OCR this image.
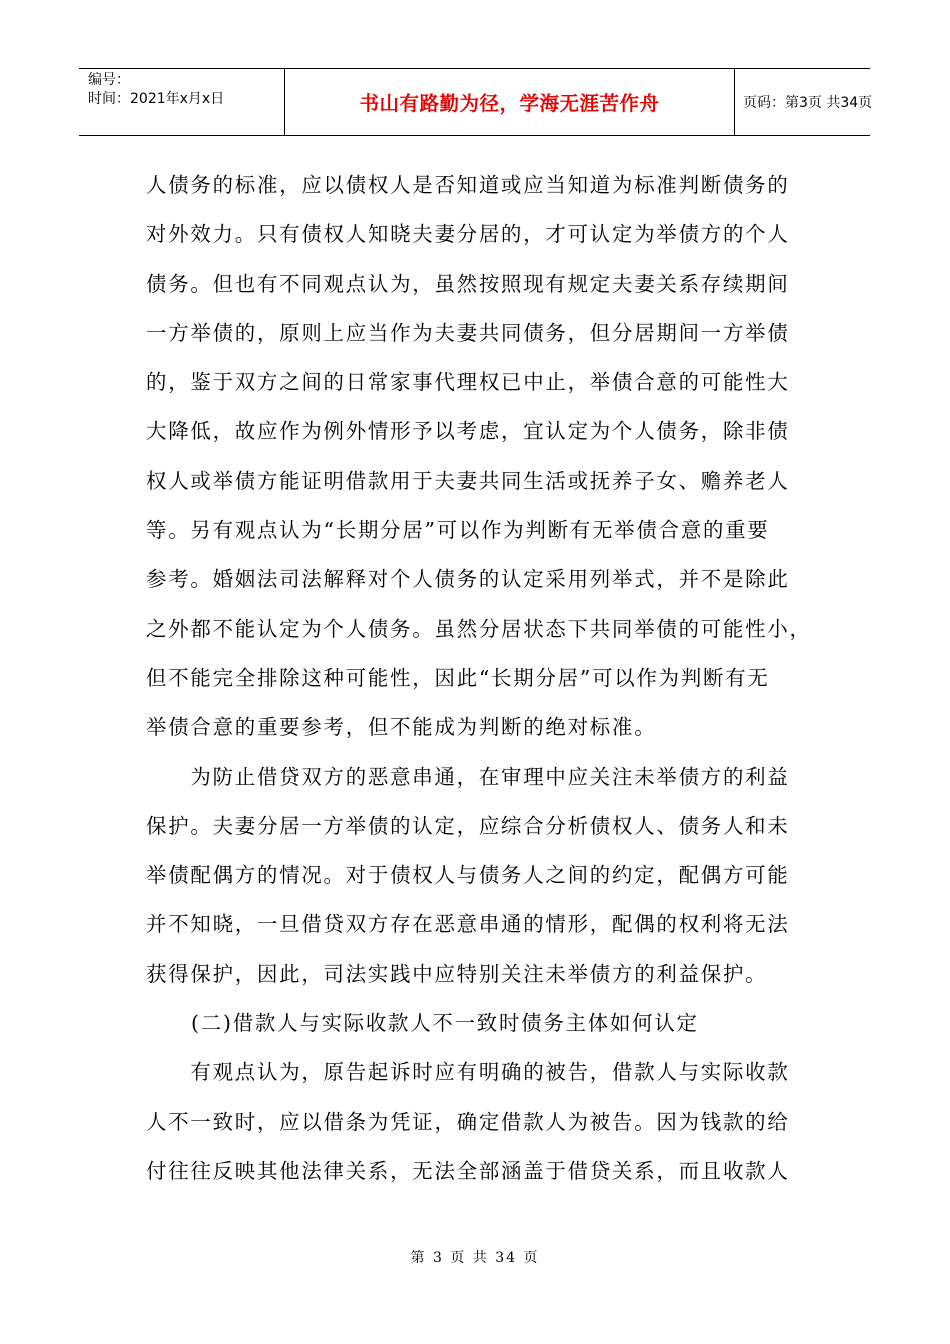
编号：
时间：2021年x月x日	书山有路勤为径，学海无涯苦作舟	页码：第3页 共34页
人债务的标准，应以债权人是否知道或应当知道为标准判断债务的
对外效力。只有债权人知晓夫妻分居的，才可认定为举债方的个人
债务。但也有不同观点认为，虽然按照现有规定夫妻关系存续期间
一方举债的，原则上应当作为夫妻共同债务，但分居期间一方举债
的，鉴于双方之间的日常家事代理权已中止，举债合意的可能性大
大降低，故应作为例外情形予以考虑，宜认定为个人债务，除非债
权人或举债方能证明借款用于夫妻共同生活或抚养子女、赡养老人
等。另有观点认为“长期分居”可以作为判断有无举债合意的重要
参考。婚姻法司法解释对个人债务的认定采用列举式，并不是除此
之外都不能认定为个人债务。虽然分居状态下共同举债的可能性小，
但不能完全排除这种可能性，因此“长期分居”可以作为判断有无
举债合意的重要参考，但不能成为判断的绝对标准。
　　为防止借贷双方的恶意串通，在审理中应关注未举债方的利益
保护。夫妻分居一方举债的认定，应综合分析债权人、债务人和未
举债配偶方的情况。对于债权人与债务人之间的约定，配偶方可能
并不知晓，一旦借贷双方存在恶意串通的情形，配偶的权利将无法
获得保护，因此，司法实践中应特别关注未举债方的利益保护。
(二)借款人与实际收款人不一致时债务主体如何认定
　　有观点认为，原告起诉时应有明确的被告，借款人与实际收款
人不一致时，应以借条为凭证，确定借款人为被告。因为钱款的给
付往往反映其他法律关系，无法全部涵盖于借贷关系，而且收款人
第 3 页 共 34 页
